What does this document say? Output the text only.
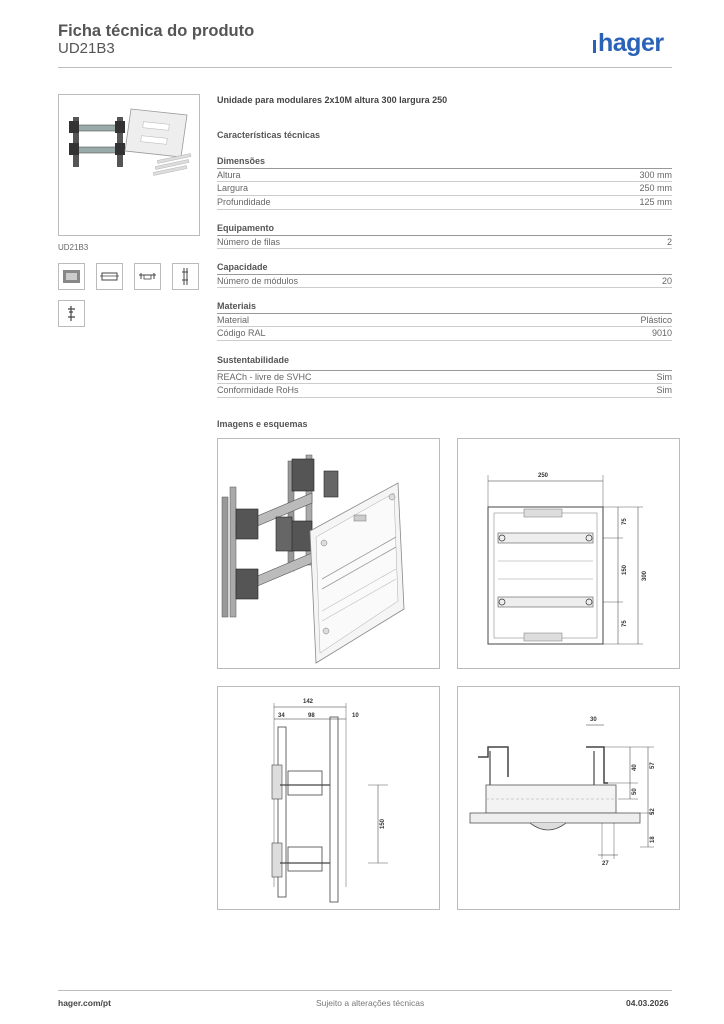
Ficha técnica do produto
UD21B3	hager
UD21B3
Unidade para modulares 2x10M altura 300 largura 250
Características técnicas
Dimensões
Altura	300 mm
Largura	250 mm
Profundidade	125 mm
Equipamento
Número de filas	2
Capacidade
Número de módulos	20
Materiais
Material	Plástico
Código RAL	9010
Sustentabilidade
REACh - livre de SVHC	Sim
Conformidade RoHs	Sim
Imagens e esquemas
250
75
150
75
300
142
34	98	10
150
30
40 57
50
52
18
27
hager.com/pt	Sujeito a alterações técnicas	04.03.2026
